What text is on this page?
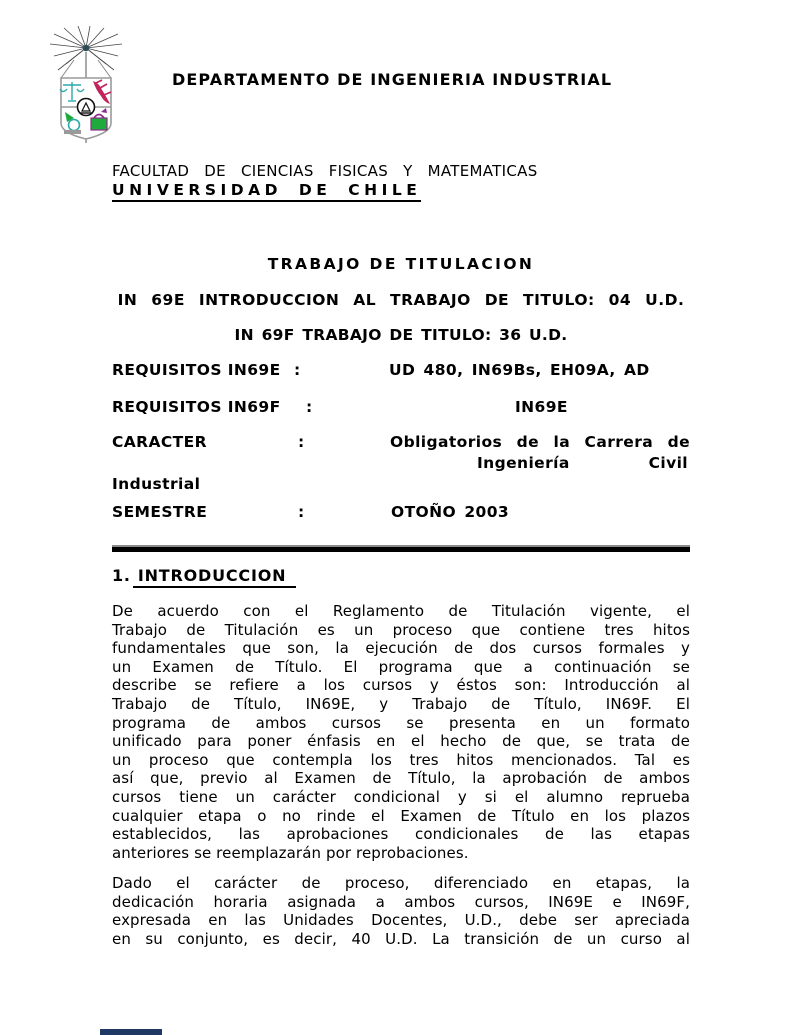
DEPARTAMENTO DE INGENIERIA INDUSTRIAL
FACULTAD DE CIENCIAS FISICAS Y MATEMATICAS
UNIVERSIDAD DE CHILE
TRABAJO DE TITULACION
IN 69E INTRODUCCION AL TRABAJO DE TITULO: 04 U.D.
IN 69F TRABAJO DE TITULO: 36 U.D.
REQUISITOS IN69E :	UD 480, IN69Bs, EH09A, AD
REQUISITOS IN69F :	IN69E
CARACTER	:	Obligatorios de la Carrera de
Ingeniería	Civil
Industrial
SEMESTRE	:	OTOÑO 2003
1. INTRODUCCION
De acuerdo con el Reglamento de Titulación vigente, el
Trabajo de Titulación es un proceso que contiene tres hitos
fundamentales que son, la ejecución de dos cursos formales y
un Examen de Título. El programa que a continuación se
describe se refiere a los cursos y éstos son: Introducción al
Trabajo de Título, IN69E, y Trabajo de Título, IN69F. El
programa de ambos cursos se presenta en un formato
unificado para poner énfasis en el hecho de que, se trata de
un proceso que contempla los tres hitos mencionados. Tal es
así que, previo al Examen de Título, la aprobación de ambos
cursos tiene un carácter condicional y si el alumno reprueba
cualquier etapa o no rinde el Examen de Título en los plazos
establecidos, las aprobaciones condicionales de las etapas
anteriores se reemplazarán por reprobaciones.
Dado el carácter de proceso, diferenciado en etapas, la
dedicación horaria asignada a ambos cursos, IN69E e IN69F,
expresada en las Unidades Docentes, U.D., debe ser apreciada
en su conjunto, es decir, 40 U.D. La transición de un curso al
